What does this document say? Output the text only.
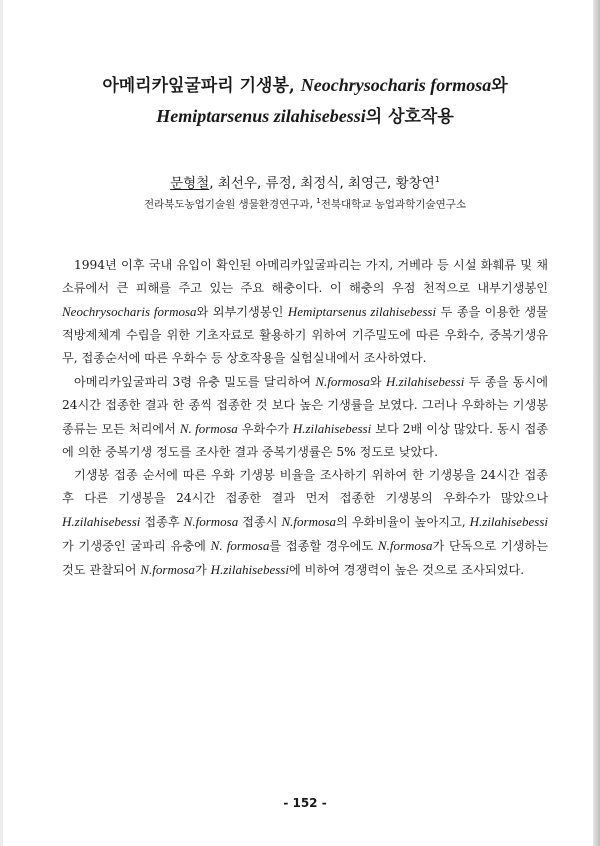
아메리카잎굴파리 기생봉, Neochrysocharis formosa와
Hemiptarsenus zilahisebessi의 상호작용
문형철, 최선우, 류정, 최정식, 최영근, 황창연$^1$
전라북도농업기술원 생물환경연구과, $^1$전북대학교 농업과학기술연구소

1994년 이후 국내 유입이 확인된 아메리카잎굴파리는 가지, 거베라 등 시설 화훼류 및 채소류에서 큰 피해를 주고 있는 주요 해충이다. 이 해충의 우점 천적으로 내부기생봉인 Neochrysocharis formosa와 외부기생봉인 Hemiptarsenus zilahisebessi 두 종을 이용한 생물적방제체계 수립을 위한 기초자료로 활용하기 위하여 기주밀도에 따른 우화수, 중복기생유무, 접종순서에 따른 우화수 등 상호작용을 실험실내에서 조사하였다.

아메리카잎굴파리 3령 유충 밀도를 달리하여 N.formosa와 H.zilahisebessi 두 종을 동시에 24시간 접종한 결과 한 종씩 접종한 것 보다 높은 기생률을 보였다. 그러나 우화하는 기생봉 종류는 모든 처리에서 N. formosa 우화수가 H.zilahisebessi 보다 2배 이상 많았다. 동시 접종에 의한 중복기생 정도를 조사한 결과 중복기생률은 5% 정도로 낮았다.

기생봉 접종 순서에 따른 우화 기생봉 비율을 조사하기 위하여 한 기생봉을 24시간 접종 후 다른 기생봉을 24시간 접종한 결과 먼저 접종한 기생봉의 우화수가 많았으나 H.zilahisebessi 접종후 N.formosa 접종시 N.formosa의 우화비율이 높아지고, H.zilahisebessi가 기생중인 굴파리 유충에 N. formosa를 접종할 경우에도 N.formosa가 단독으로 기생하는 것도 관찰되어 N.formosa가 H.zilahisebessi에 비하여 경쟁력이 높은 것으로 조사되었다.

- 152 -
